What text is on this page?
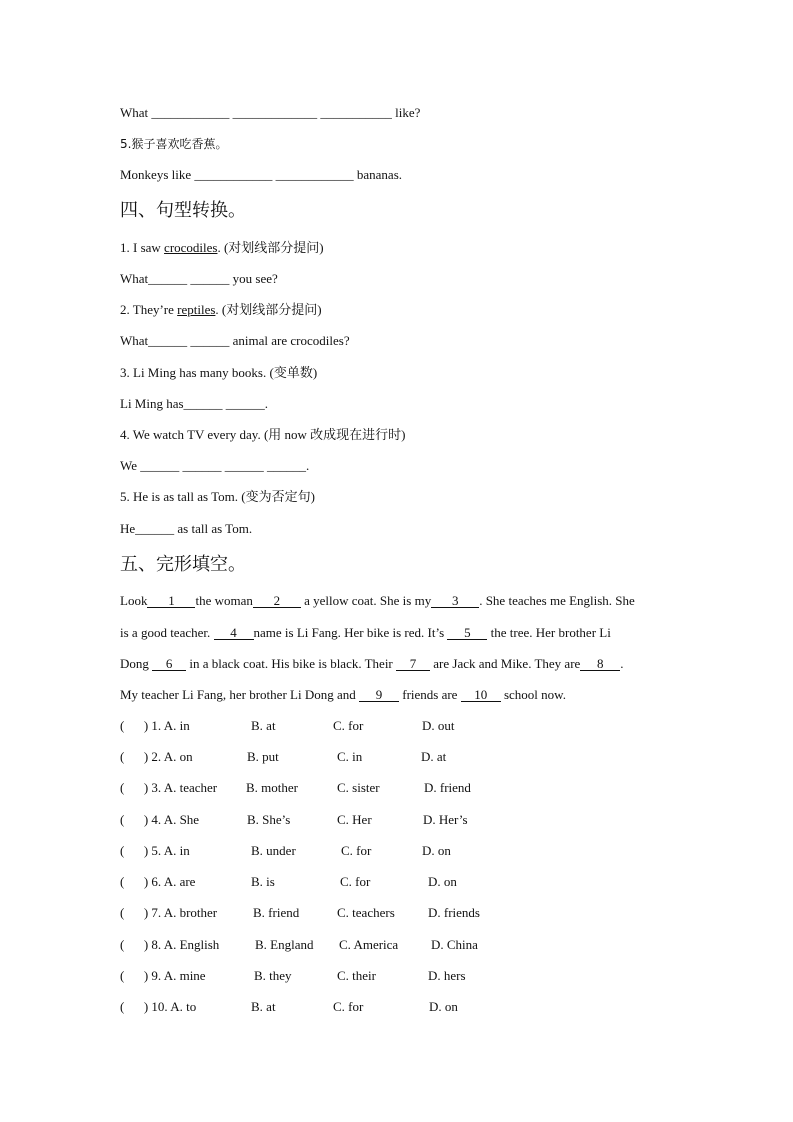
What ____________ _____________ ___________ like?
5.猴子喜欢吃香蕉。
Monkeys like ____________ ____________ bananas.
四、句型转换。
1. I saw crocodiles. (对划线部分提问)
What______ ______ you see?
2. They’re reptiles. (对划线部分提问)
What______ ______ animal are crocodiles?
3. Li Ming has many books. (变单数)
Li Ming has______ ______.
4. We watch TV every day. (用 now 改成现在进行时)
We ______ ______ ______ ______.
5. He is as tall as Tom. (变为否定句)
He______ as tall as Tom.
五、完形填空。
Look 1 the woman 2 a yellow coat. She is my 3 . She teaches me English. She
is a good teacher. 4 name is Li Fang. Her bike is red. It’s 5 the tree. Her brother Li
Dong 6 in a black coat. His bike is black. Their 7 are Jack and Mike. They are 8 .
My teacher Li Fang, her brother Li Dong and 9 friends are 10 school now.
(      ) 1. A. in	B. at	C. for	D. out
(      ) 2. A. on	B. put	C. in	D. at
(      ) 3. A. teacher B. mother	C. sister	D. friend
(      ) 4. A. She	B. She’s	C. Her	D. Her’s
(      ) 5. A. in	B. under	C. for	D. on
(      ) 6. A. are	B. is	C. for	D. on
(      ) 7. A. brother	B. friend	C. teachers	D. friends
(      ) 8. A. English	B. England C. America	D. China
(      ) 9. A. mine	B. they	C. their	D. hers
(      ) 10. A. to	B. at	C. for	D. on
